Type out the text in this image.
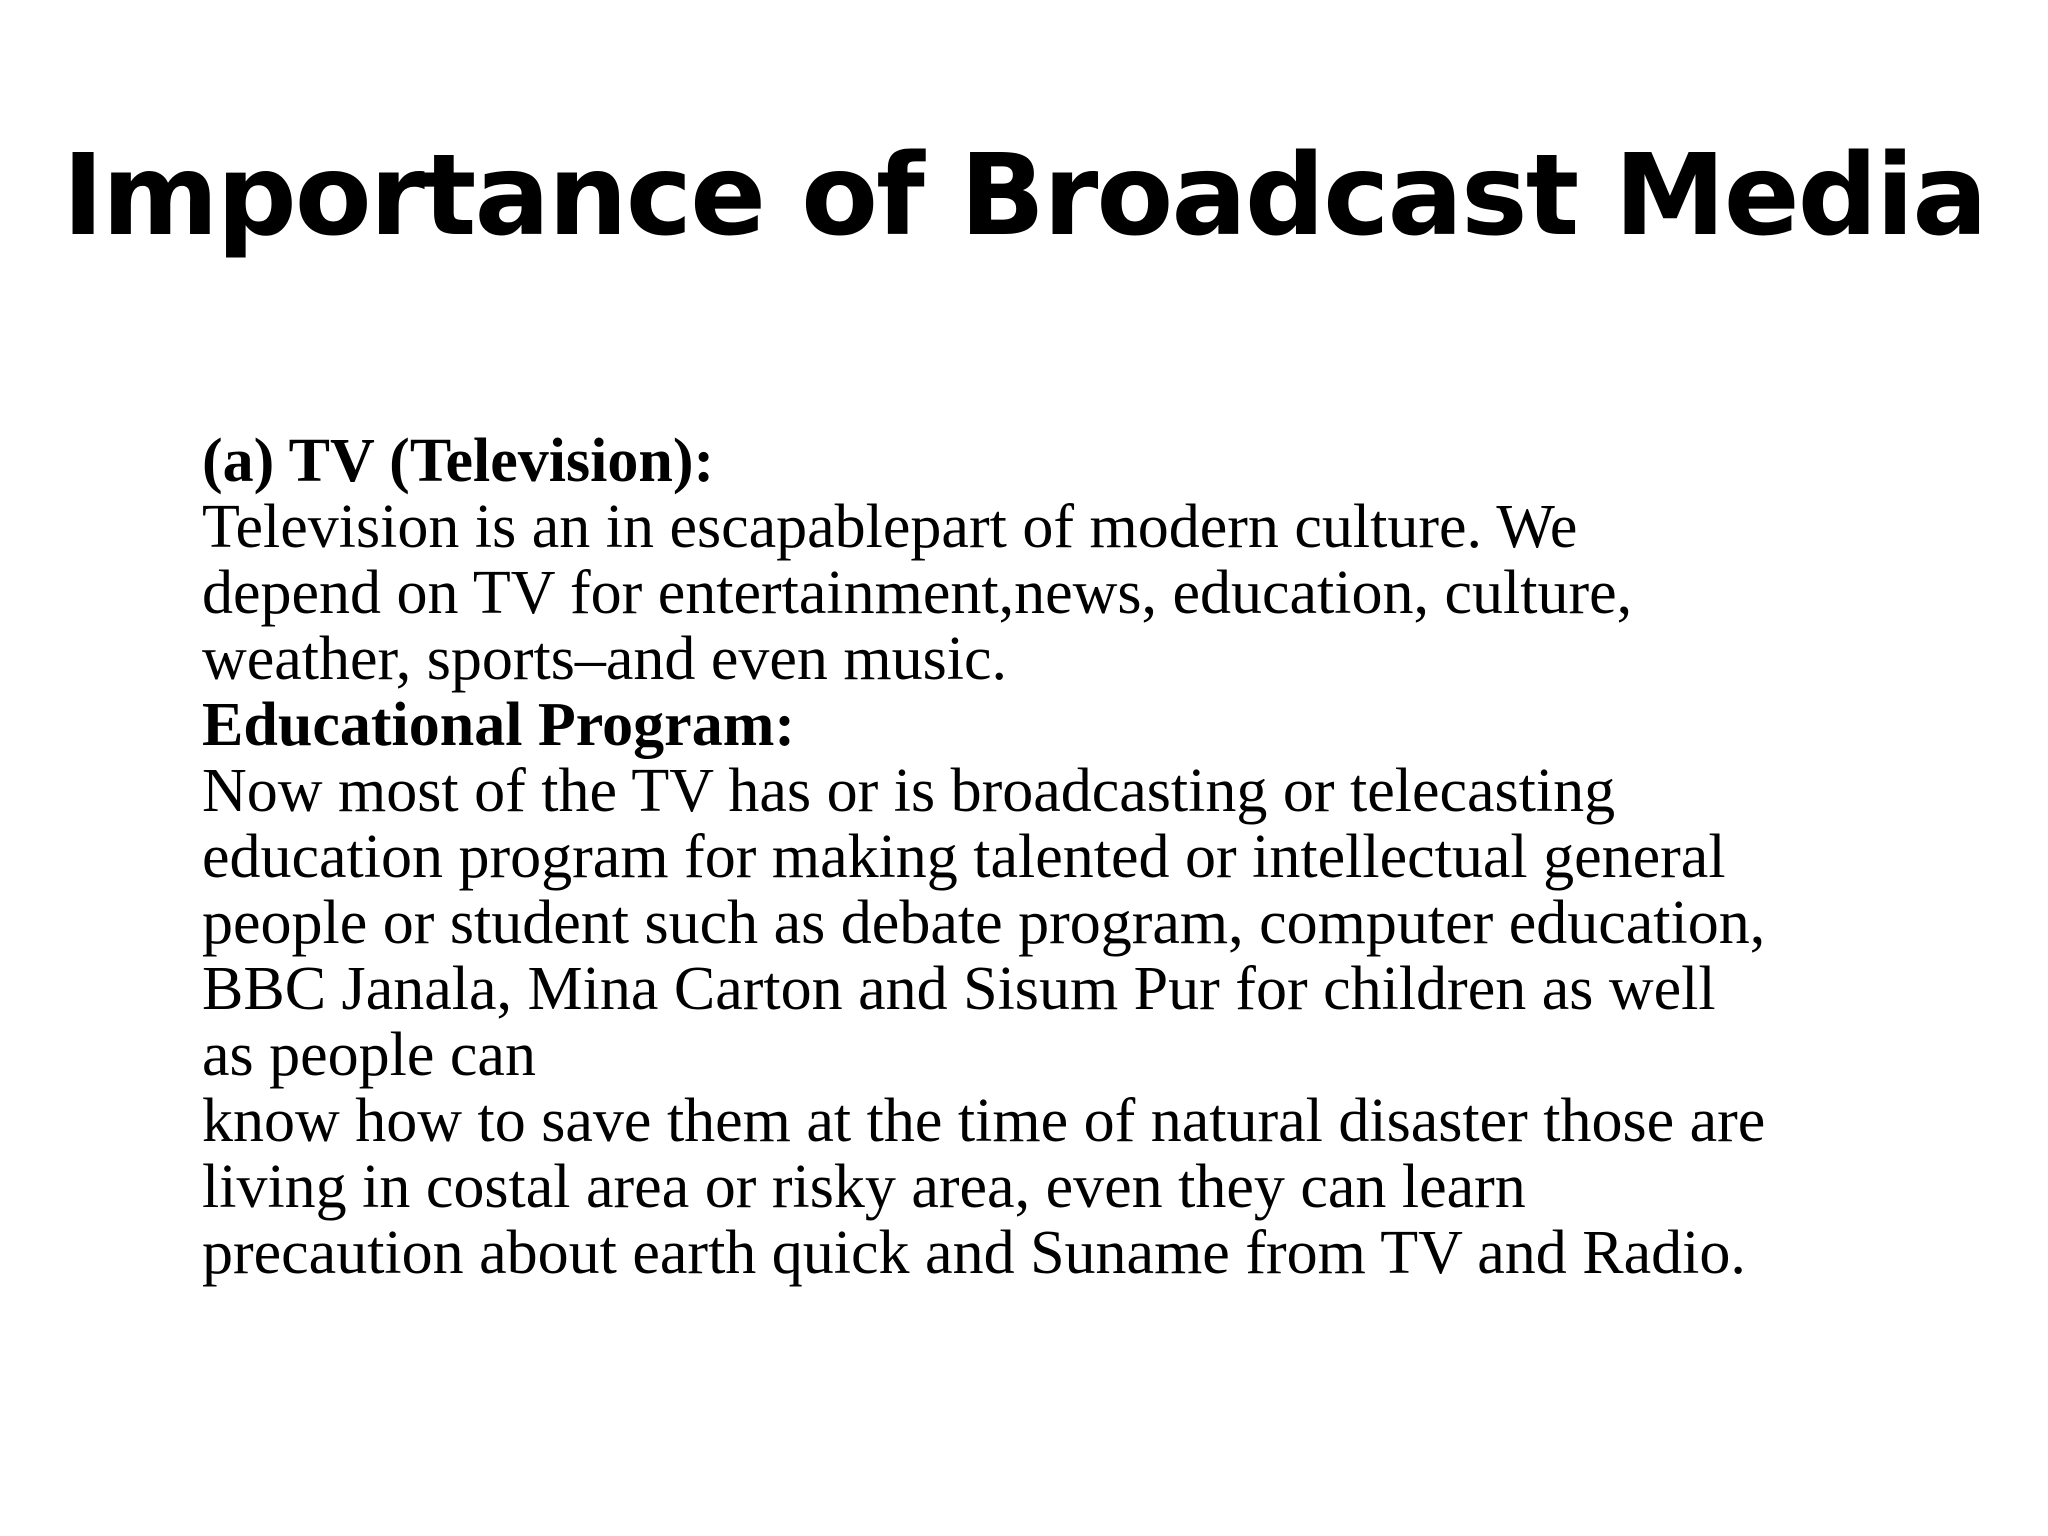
Importance of Broadcast Media
(a) TV (Television):
Television is an in escapablepart of modern culture. We
depend on TV for entertainment,news, education, culture,
weather, sports–and even music.
Educational Program:
Now most of the TV has or is broadcasting or telecasting
education program for making talented or intellectual general
people or student such as debate program, computer education,
BBC Janala, Mina Carton and Sisum Pur for children as well
as people can
know how to save them at the time of natural disaster those are
living in costal area or risky area, even they can learn
precaution about earth quick and Suname from TV and Radio.
